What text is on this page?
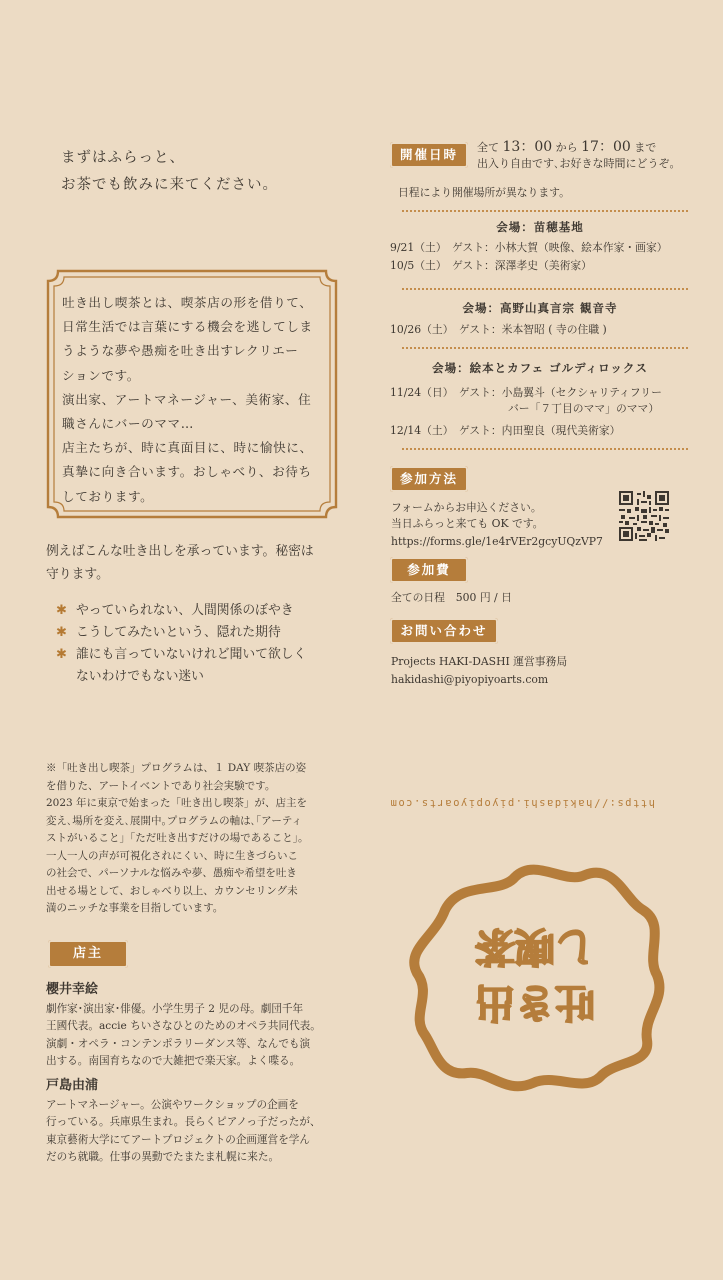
まずはふらっと、
お茶でも飲みに来てください。

吐き出し喫茶とは、喫茶店の形を借りて、
日常生活では言葉にする機会を逃してしま
うような夢や愚痴を吐き出すレクリエー
ションです。
演出家、アートマネージャー、美術家、住
職さんにバーのママ…
店主たちが、時に真面目に、時に愉快に、
真摯に向き合います。おしゃべり、お待ち
しております。

例えばこんな吐き出しを承っています。秘密は
守ります。

✱ やっていられない、人間関係のぼやき
✱ こうしてみたいという、隠れた期待
✱ 誰にも言っていないけれど聞いて欲しく
ないわけでもない迷い

※「吐き出し喫茶」プログラムは、１ DAY 喫茶店の姿
を借りた、アートイベントであり社会実験です。
2023 年に東京で始まった「吐き出し喫茶」が、店主を
変え､場所を変え､展開中｡プログラムの軸は､｢アーティ
ストがいること」「ただ吐き出すだけの場であること」。
一人一人の声が可視化されにくい、時に生きづらいこ
の社会で、パーソナルな悩みや夢、愚痴や希望を吐き
出せる場として、おしゃべり以上、カウンセリング未
満のニッチな事業を目指しています。

店主

櫻井幸絵

劇作家･演出家･俳優。小学生男子 2 児の母。劇団千年
王國代表。accie ちいさなひとのためのオペラ共同代表。
演劇・オペラ・コンテンポラリーダンス等、なんでも演
出する。南国育ちなので大雑把で楽天家。よく喋る。

戸島由浦

アートマネージャー。公演やワークショップの企画を
行っている。兵庫県生まれ。長らくピアノっ子だったが、
東京藝術大学にてアートプロジェクトの企画運営を学ん
だのち就職。仕事の異動でたまたま札幌に来た。

開催日時	全て 13：00 から 17：00 まで
出入り自由です､お好きな時間にどうぞ｡

日程により開催場所が異なります。

会場：苗穂基地

9/21（土）　 ゲスト：小林大賀（映像、絵本作家・画家）

10/5（土）　 ゲスト：深澤孝史（美術家）

会場：高野山真言宗 観音寺

10/26（土）　 ゲスト：米本智昭 ( 寺の住職 )

会場：絵本とカフェ ゴルディロックス

11/24（日）　 ゲスト：小島翼斗（セクシャリティフリー

バー「７丁目のママ」のママ）

12/14（土）　 ゲスト：内田聖良（現代美術家）

参加方法

フォームからお申込ください。

当日ふらっと来ても OK です。

https://forms.gle/1e4rVEr2gcyUQzVP7

参加費

全ての日程　500 円 / 日

お問い合わせ

Projects HAKI-DASHI 運営事務局

hakidashi@piyopiyoarts.com

https://hakidashi.piyopiyoarts.com
吐き出し喫茶
